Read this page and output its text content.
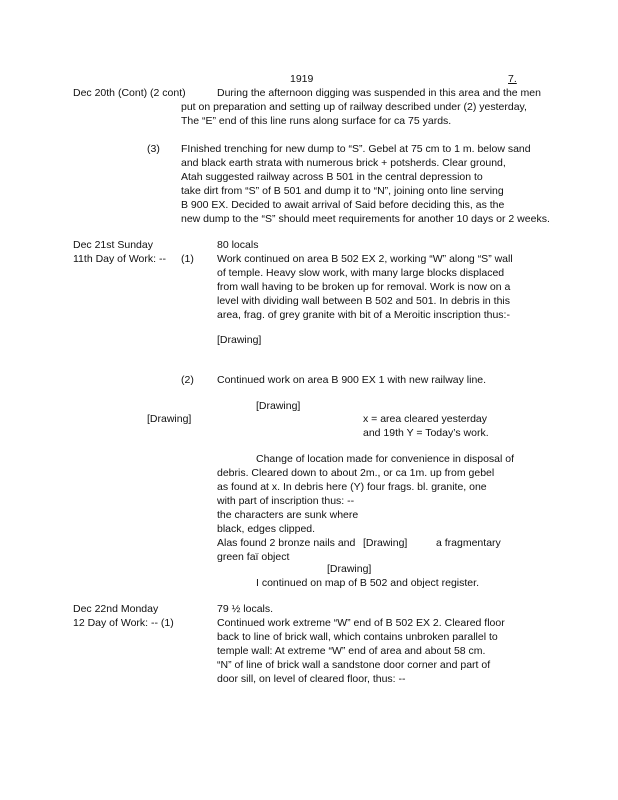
1919	7.
Dec 20th (Cont) (2 cont)	During the afternoon digging was suspended in this area and the men
put on preparation and setting up of railway described under (2) yesterday,
The “E” end of this line runs along surface for ca 75 yards.
(3) FInished trenching for new dump to “S”. Gebel at 75 cm to 1 m. below sand
and black earth strata with numerous brick + potsherds. Clear ground,
Atah suggested railway across B 501 in the central depression to
take dirt from “S” of B 501 and dump it to “N”, joining onto line serving
B 900 EX. Decided to await arrival of Said before deciding this, as the
new dump to the “S” should meet requirements for another 10 days or 2 weeks.
Dec 21st Sunday	80 locals
11th Day of Work: -- (1) Work continued on area B 502 EX 2, working “W” along “S” wall
of temple. Heavy slow work, with many large blocks displaced
from wall having to be broken up for removal. Work is now on a
level with dividing wall between B 502 and 501. In debris in this
area, frag. of grey granite with bit of a Meroitic inscription thus:-
[Drawing]
(2) Continued work on area B 900 EX 1 with new railway line.
[Drawing]
[Drawing]	x = area cleared yesterday
and 19th Y = Today’s work.
Change of location made for convenience in disposal of
debris. Cleared down to about 2m., or ca 1m. up from gebel
as found at x. In debris here (Y) four frags. bl. granite, one
with part of inscription thus: --
the characters are sunk where
black, edges clipped.
Alas found 2 bronze nails and [Drawing]	a fragmentary
green faï object
[Drawing]
I continued on map of B 502 and object register.
Dec 22nd Monday	79 ½ locals.
12 Day of Work: -- (1)	Continued work extreme “W” end of B 502 EX 2. Cleared floor
back to line of brick wall, which contains unbroken parallel to
temple wall: At extreme “W” end of area and about 58 cm.
“N” of line of brick wall a sandstone door corner and part of
door sill, on level of cleared floor, thus: --
